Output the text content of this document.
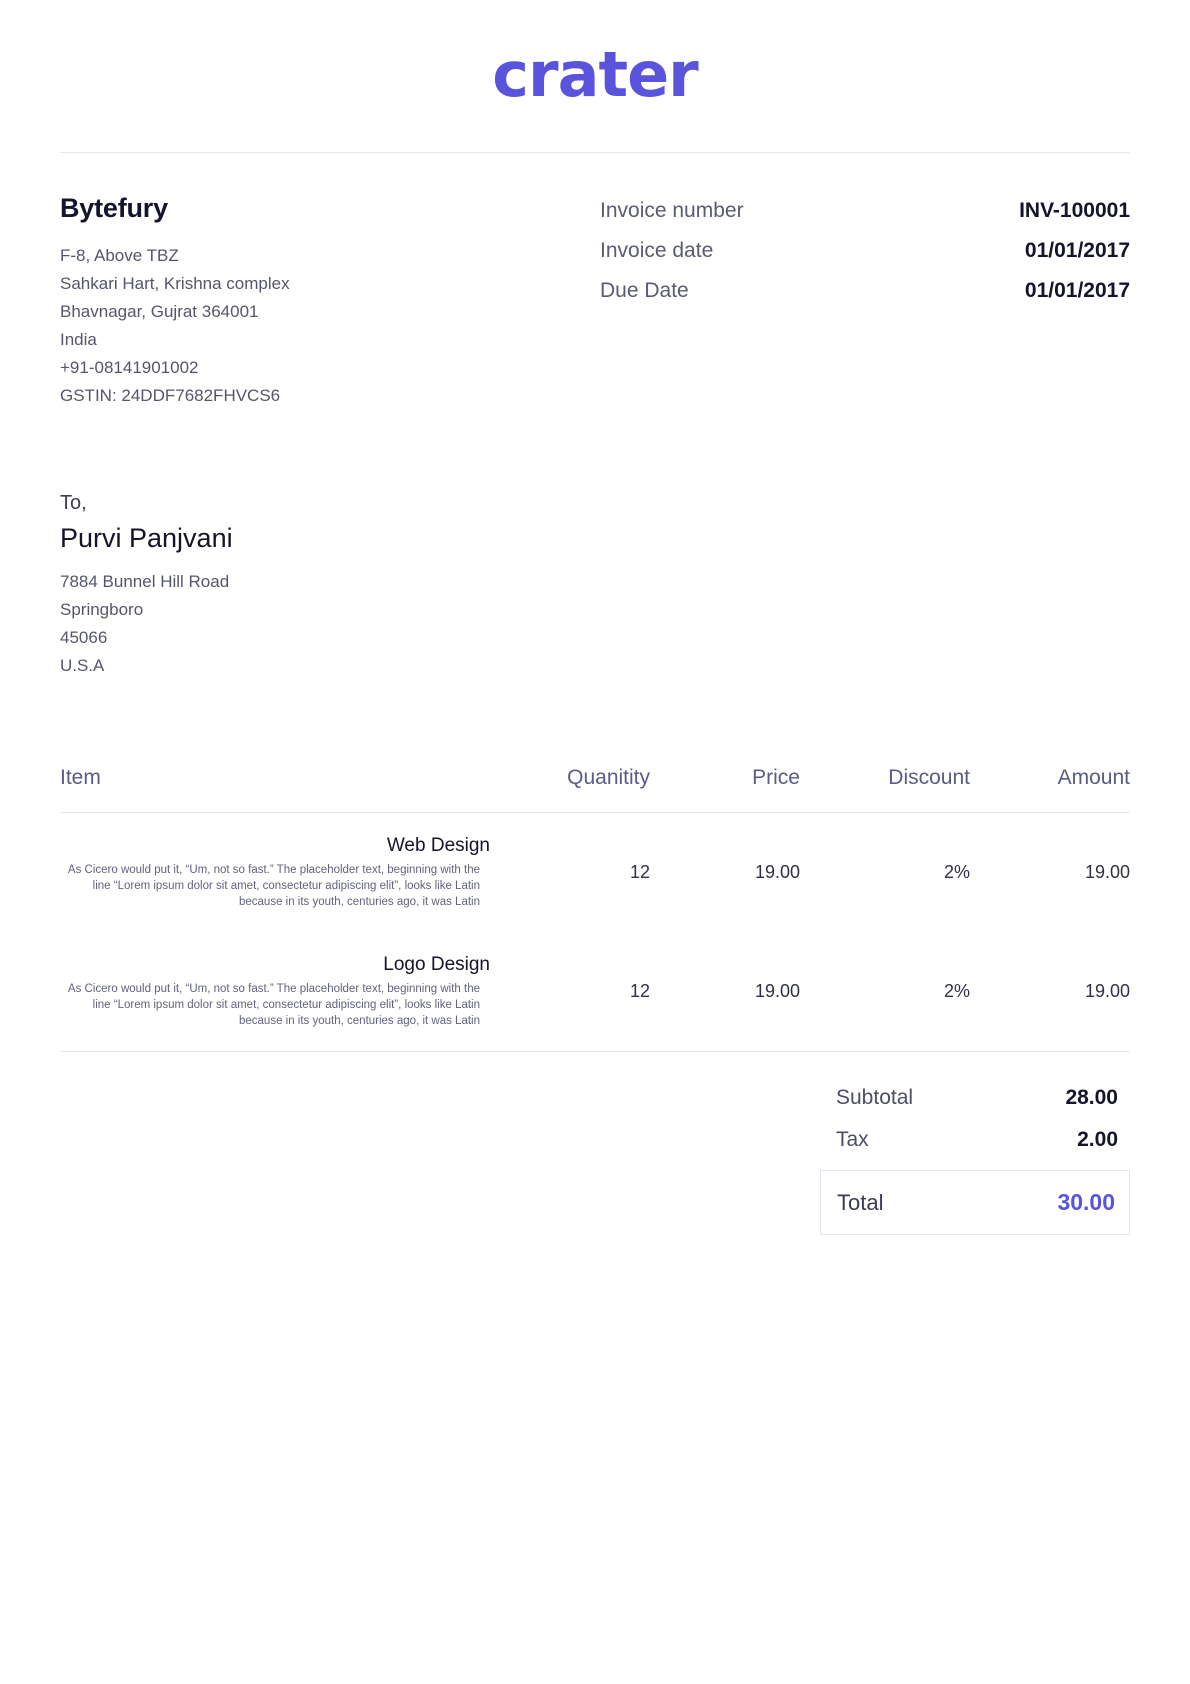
crater
Bytefury
F-8, Above TBZ
Sahkari Hart, Krishna complex
Bhavnagar, Gujrat 364001
India
+91-08141901002
GSTIN: 24DDF7682FHVCS6
Invoice number	INV-100001
Invoice date	01/01/2017
Due Date	01/01/2017
To,
Purvi Panjvani
7884 Bunnel Hill Road
Springboro
45066
U.S.A
Item	Quanitity	Price	Discount	Amount

Web Design
As Cicero would put it, “Um, not so fast.” The placeholder text, beginning with the line “Lorem ipsum dolor sit amet, consectetur adipiscing elit”, looks like Latin because in its youth, centuries ago, it was Latin	12	19.00	2%	19.00

Logo Design
As Cicero would put it, “Um, not so fast.” The placeholder text, beginning with the line “Lorem ipsum dolor sit amet, consectetur adipiscing elit”, looks like Latin because in its youth, centuries ago, it was Latin	12	19.00	2%	19.00
Subtotal	28.00
Tax	2.00
Total	30.00
